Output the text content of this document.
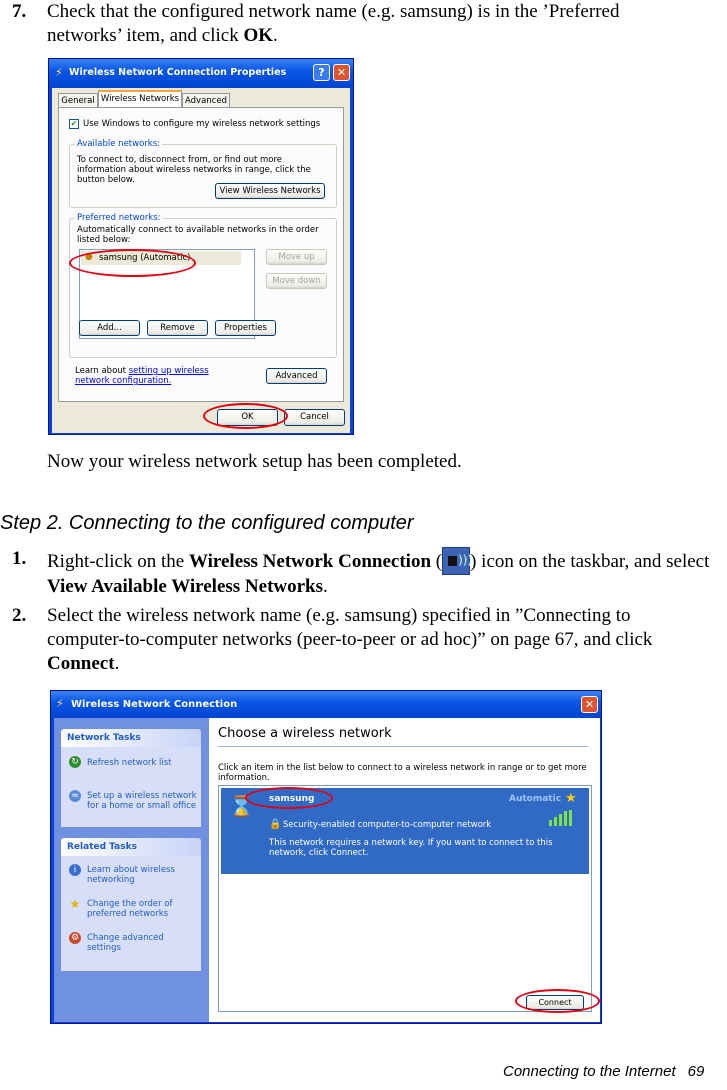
7. Check that the configured network name (e.g. samsung) is in the ’Preferred networks’ item, and click OK.
⚡ Wireless Network Connection Properties	?	✕
General Wireless Networks Advanced
✔ Use Windows to configure my wireless network settings
Available networks:
To connect to, disconnect from, or find out more information about wireless networks in range, click the button below.
View Wireless Networks
Preferred networks:
Automatically connect to available networks in the order listed below:
● samsung (Automatic)	Move up
Move down
Add...	Remove	Properties
Learn about setting up wireless network configuration.	Advanced
OK	Cancel
Now your wireless network setup has been completed.
Step 2. Connecting to the configured computer
1. Right-click on the Wireless Network Connection ( )))
) icon on the taskbar, and select View Available Wireless Networks.
2. Select the wireless network name (e.g. samsung) specified in ”Connecting to computer-to-computer networks (peer-to-peer or ad hoc)” on page 67, and click Connect.
⚡ Wireless Network Connection	✕
Network Tasks
↻ Refresh network list
≈ Set up a wireless network for a home or small office
Related Tasks
i	Learn about wireless networking
★ Change the order of preferred networks
⚙ Change advanced settings
Choose a wireless network
Click an item in the list below to connect to a wireless network in range or to get more information.
⌛ samsung	Automatic ★
🔒 Security-enabled computer-to-computer network
This network requires a network key. If you want to connect to this network, click Connect.
Connect
Connecting to the Internet 69
